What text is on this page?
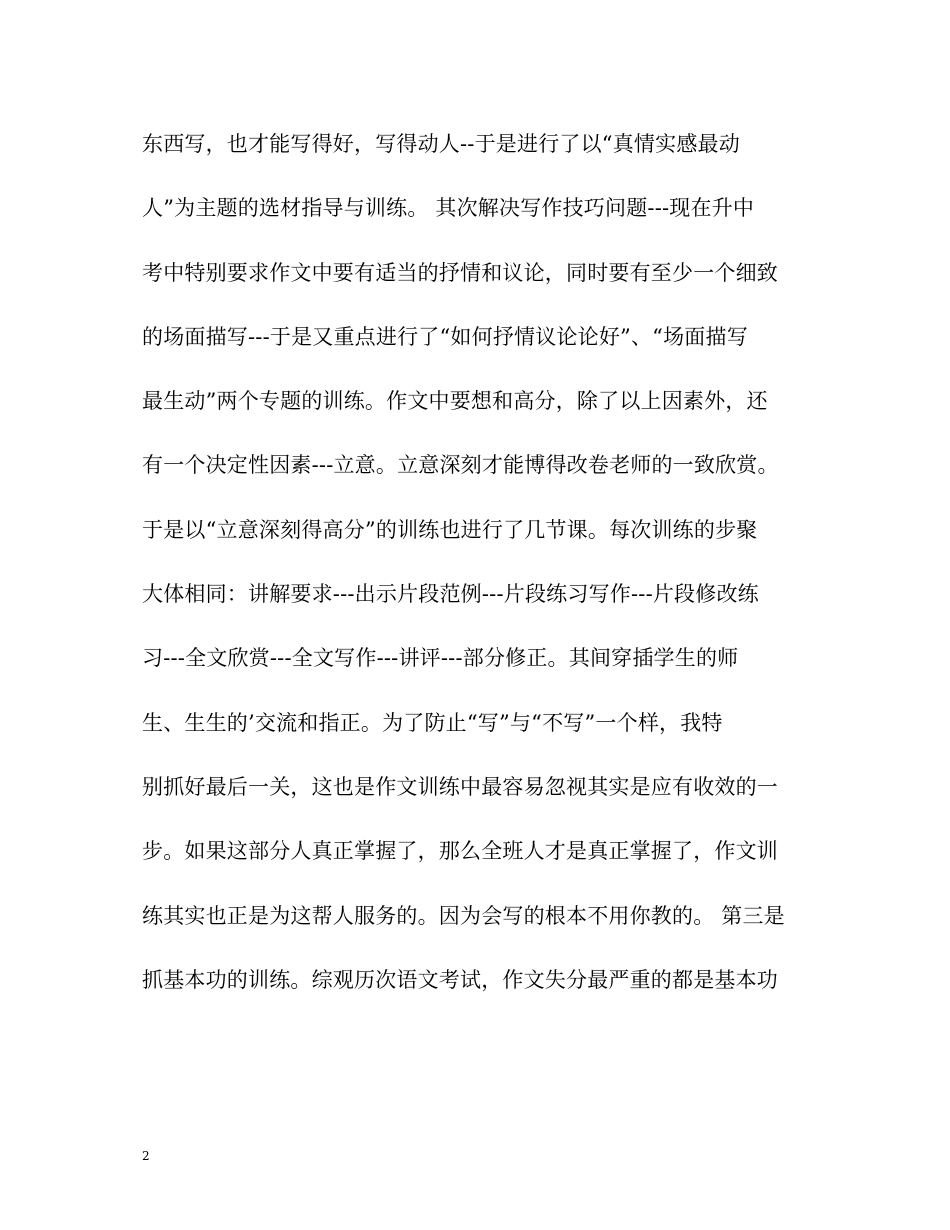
东西写，也才能写得好，写得动人--于是进行了以“真情实感最动
人”为主题的选材指导与训练。 其次解决写作技巧问题---现在升中
考中特别要求作文中要有适当的抒情和议论，同时要有至少一个细致
的场面描写---于是又重点进行了“如何抒情议论论好”、“场面描写
最生动”两个专题的训练。作文中要想和高分，除了以上因素外，还
有一个决定性因素---立意。立意深刻才能博得改卷老师的一致欣赏。
于是以“立意深刻得高分”的训练也进行了几节课。每次训练的步聚
大体相同：讲解要求---出示片段范例---片段练习写作---片段修改练
习---全文欣赏---全文写作---讲评---部分修正。其间穿插学生的师
生、生生的’交流和指正。为了防止“写”与“不写”一个样，我特
别抓好最后一关，这也是作文训练中最容易忽视其实是应有收效的一
步。如果这部分人真正掌握了，那么全班人才是真正掌握了，作文训
练其实也正是为这帮人服务的。因为会写的根本不用你教的。 第三是
抓基本功的训练。综观历次语文考试，作文失分最严重的都是基本功
2
